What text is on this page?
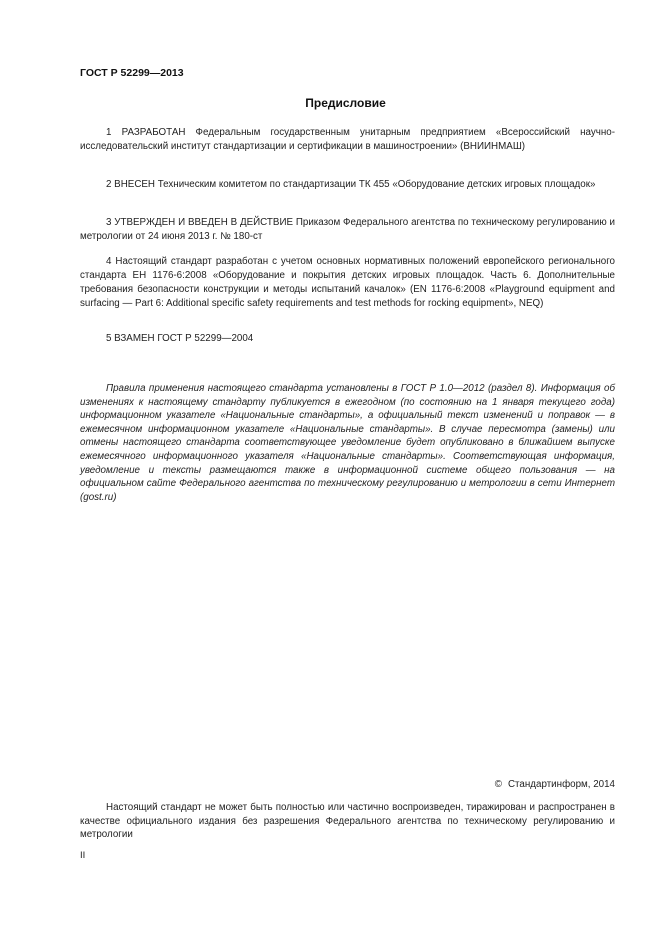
ГОСТ Р 52299—2013
Предисловие

1 РАЗРАБОТАН Федеральным государственным унитарным предприятием «Всероссийский научно-исследовательский институт стандартизации и сертификации в машиностроении» (ВНИИНМАШ)

2 ВНЕСЕН Техническим комитетом по стандартизации ТК 455 «Оборудование детских игровых площадок»

3 УТВЕРЖДЕН И ВВЕДЕН В ДЕЙСТВИЕ Приказом Федерального агентства по техническому регулированию и метрологии от 24 июня 2013 г. № 180-ст

4 Настоящий стандарт разработан с учетом основных нормативных положений европейского регионального стандарта ЕН 1176-6:2008 «Оборудование и покрытия детских игровых площадок. Часть 6. Дополнительные требования безопасности конструкции и методы испытаний качалок» (EN 1176-6:2008 «Playground equipment and surfacing — Part 6: Additional specific safety requirements and test methods for rocking equipment», NEQ)

5 ВЗАМЕН ГОСТ Р 52299—2004

Правила применения настоящего стандарта установлены в ГОСТ Р 1.0—2012 (раздел 8). Информация об изменениях к настоящему стандарту публикуется в ежегодном (по состоянию на 1 января текущего года) информационном указателе «Национальные стандарты», а официальный текст изменений и поправок — в ежемесячном информационном указателе «Национальные стандарты». В случае пересмотра (замены) или отмены настоящего стандарта соответствующее уведомление будет опубликовано в ближайшем выпуске ежемесячного информационного указателя «Национальные стандарты». Соответствующая информация, уведомление и тексты размещаются также в информационной системе общего пользования — на официальном сайте Федерального агентства по техническому регулированию и метрологии в сети Интернет (gost.ru)

© Стандартинформ, 2014

Настоящий стандарт не может быть полностью или частично воспроизведен, тиражирован и распространен в качестве официального издания без разрешения Федерального агентства по техническому регулированию и метрологии

II
